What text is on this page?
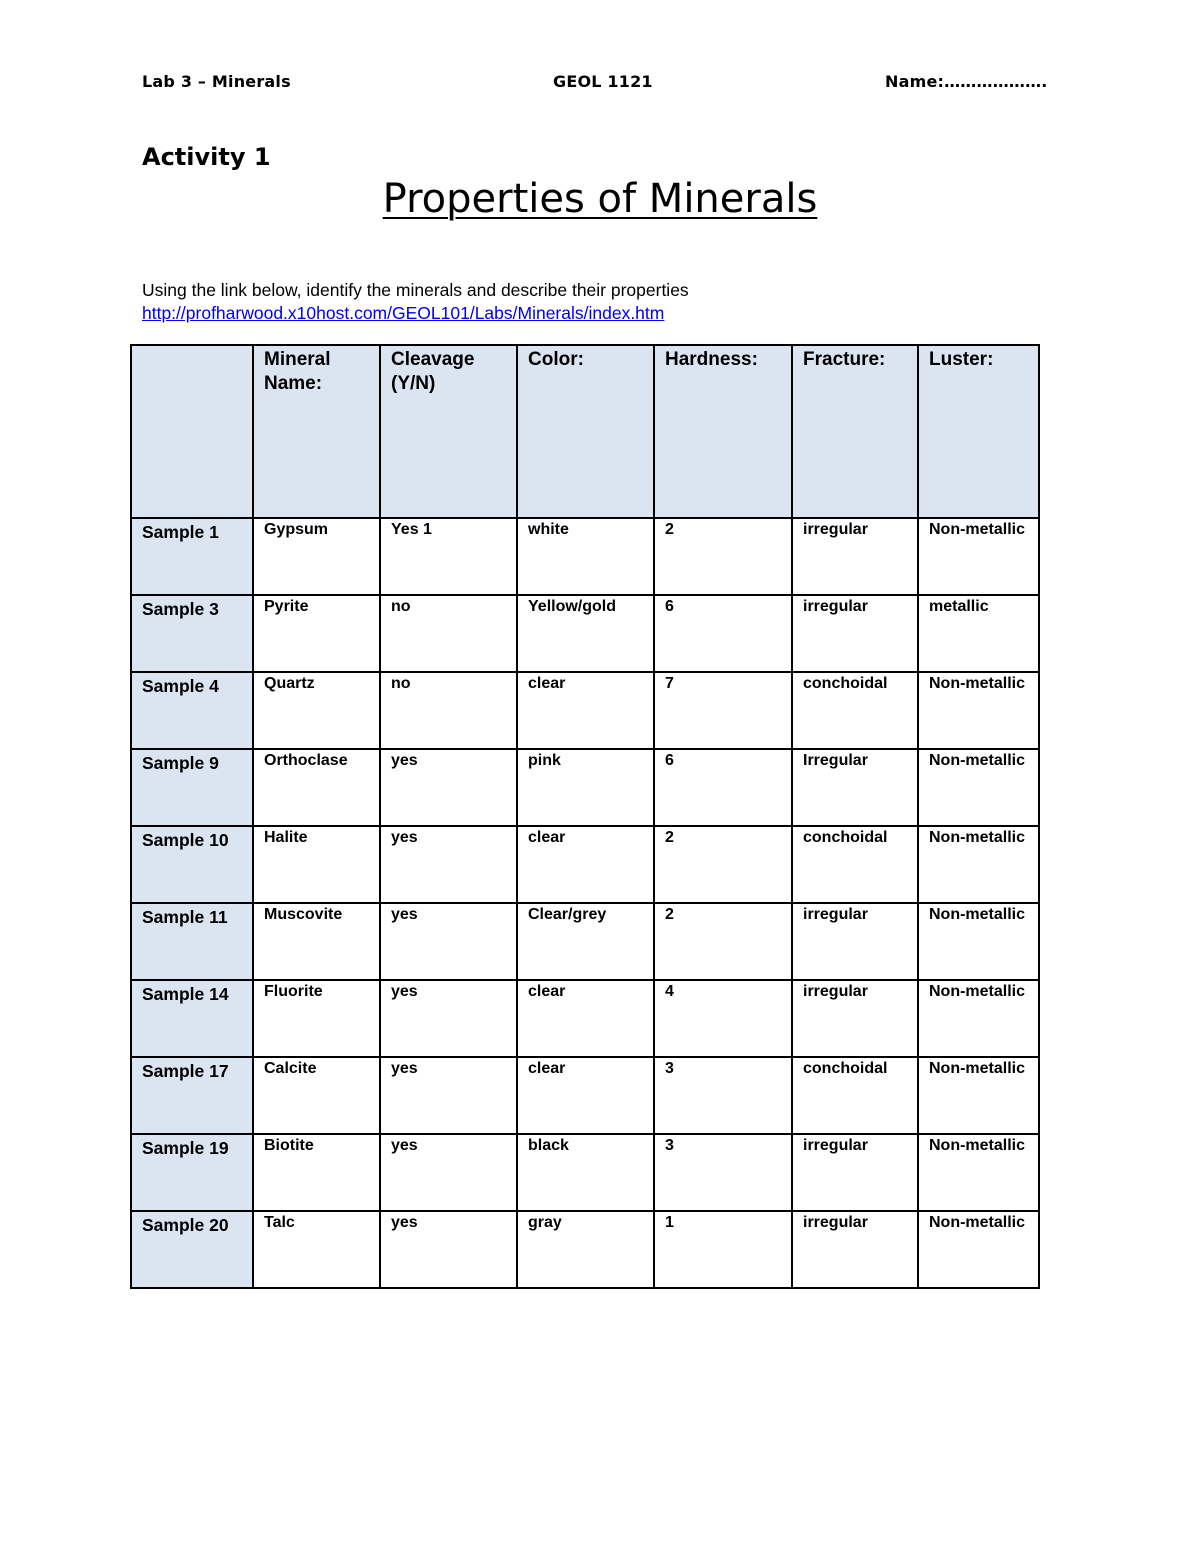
Lab 3 – Minerals	GEOL 1121	Name:……………….
Activity 1
Properties of Minerals
Using the link below, identify the minerals and describe their properties
http://profharwood.x10host.com/GEOL101/Labs/Minerals/index.htm
	Mineral Name:	Cleavage (Y/N)	Color:	Hardness:	Fracture:	Luster:
Sample 1	Gypsum	Yes 1	white	2	irregular	Non-metallic
Sample 3	Pyrite	no	Yellow/gold	6	irregular	metallic
Sample 4	Quartz	no	clear	7	conchoidal	Non-metallic
Sample 9	Orthoclase	yes	pink	6	Irregular	Non-metallic
Sample 10	Halite	yes	clear	2	conchoidal	Non-metallic
Sample 11	Muscovite	yes	Clear/grey	2	irregular	Non-metallic
Sample 14	Fluorite	yes	clear	4	irregular	Non-metallic
Sample 17	Calcite	yes	clear	3	conchoidal	Non-metallic
Sample 19	Biotite	yes	black	3	irregular	Non-metallic
Sample 20	Talc	yes	gray	1	irregular	Non-metallic
